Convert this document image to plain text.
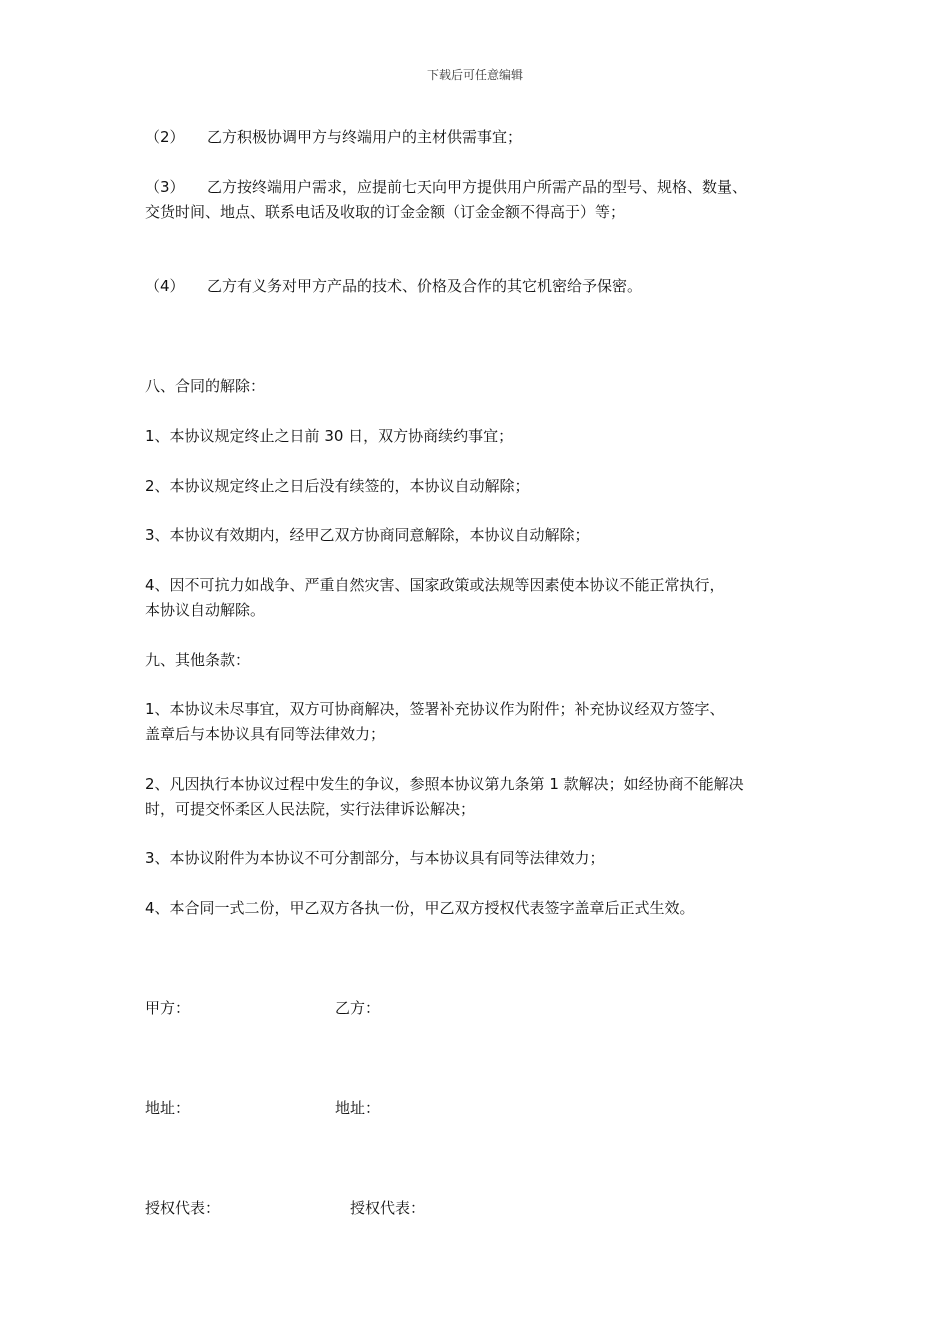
下载后可任意编辑
（2） 乙方积极协调甲方与终端用户的主材供需事宜；
（3） 乙方按终端用户需求，应提前七天向甲方提供用户所需产品的型号、规格、数量、
交货时间、地点、联系电话及收取的订金金额（订金金额不得高于）等；
（4） 乙方有义务对甲方产品的技术、价格及合作的其它机密给予保密。
八、合同的解除：
1、本协议规定终止之日前 30 日，双方协商续约事宜；
2、本协议规定终止之日后没有续签的，本协议自动解除；
3、本协议有效期内，经甲乙双方协商同意解除，本协议自动解除；
4、因不可抗力如战争、严重自然灾害、国家政策或法规等因素使本协议不能正常执行，
本协议自动解除。
九、其他条款：
1、本协议未尽事宜，双方可协商解决，签署补充协议作为附件；补充协议经双方签字、
盖章后与本协议具有同等法律效力；
2、凡因执行本协议过程中发生的争议，参照本协议第九条第 1 款解决；如经协商不能解决
时，可提交怀柔区人民法院，实行法律诉讼解决；
3、本协议附件为本协议不可分割部分，与本协议具有同等法律效力；
4、本合同一式二份，甲乙双方各执一份，甲乙双方授权代表签字盖章后正式生效。
甲方：	乙方：
地址：	地址：
授权代表：	授权代表：
